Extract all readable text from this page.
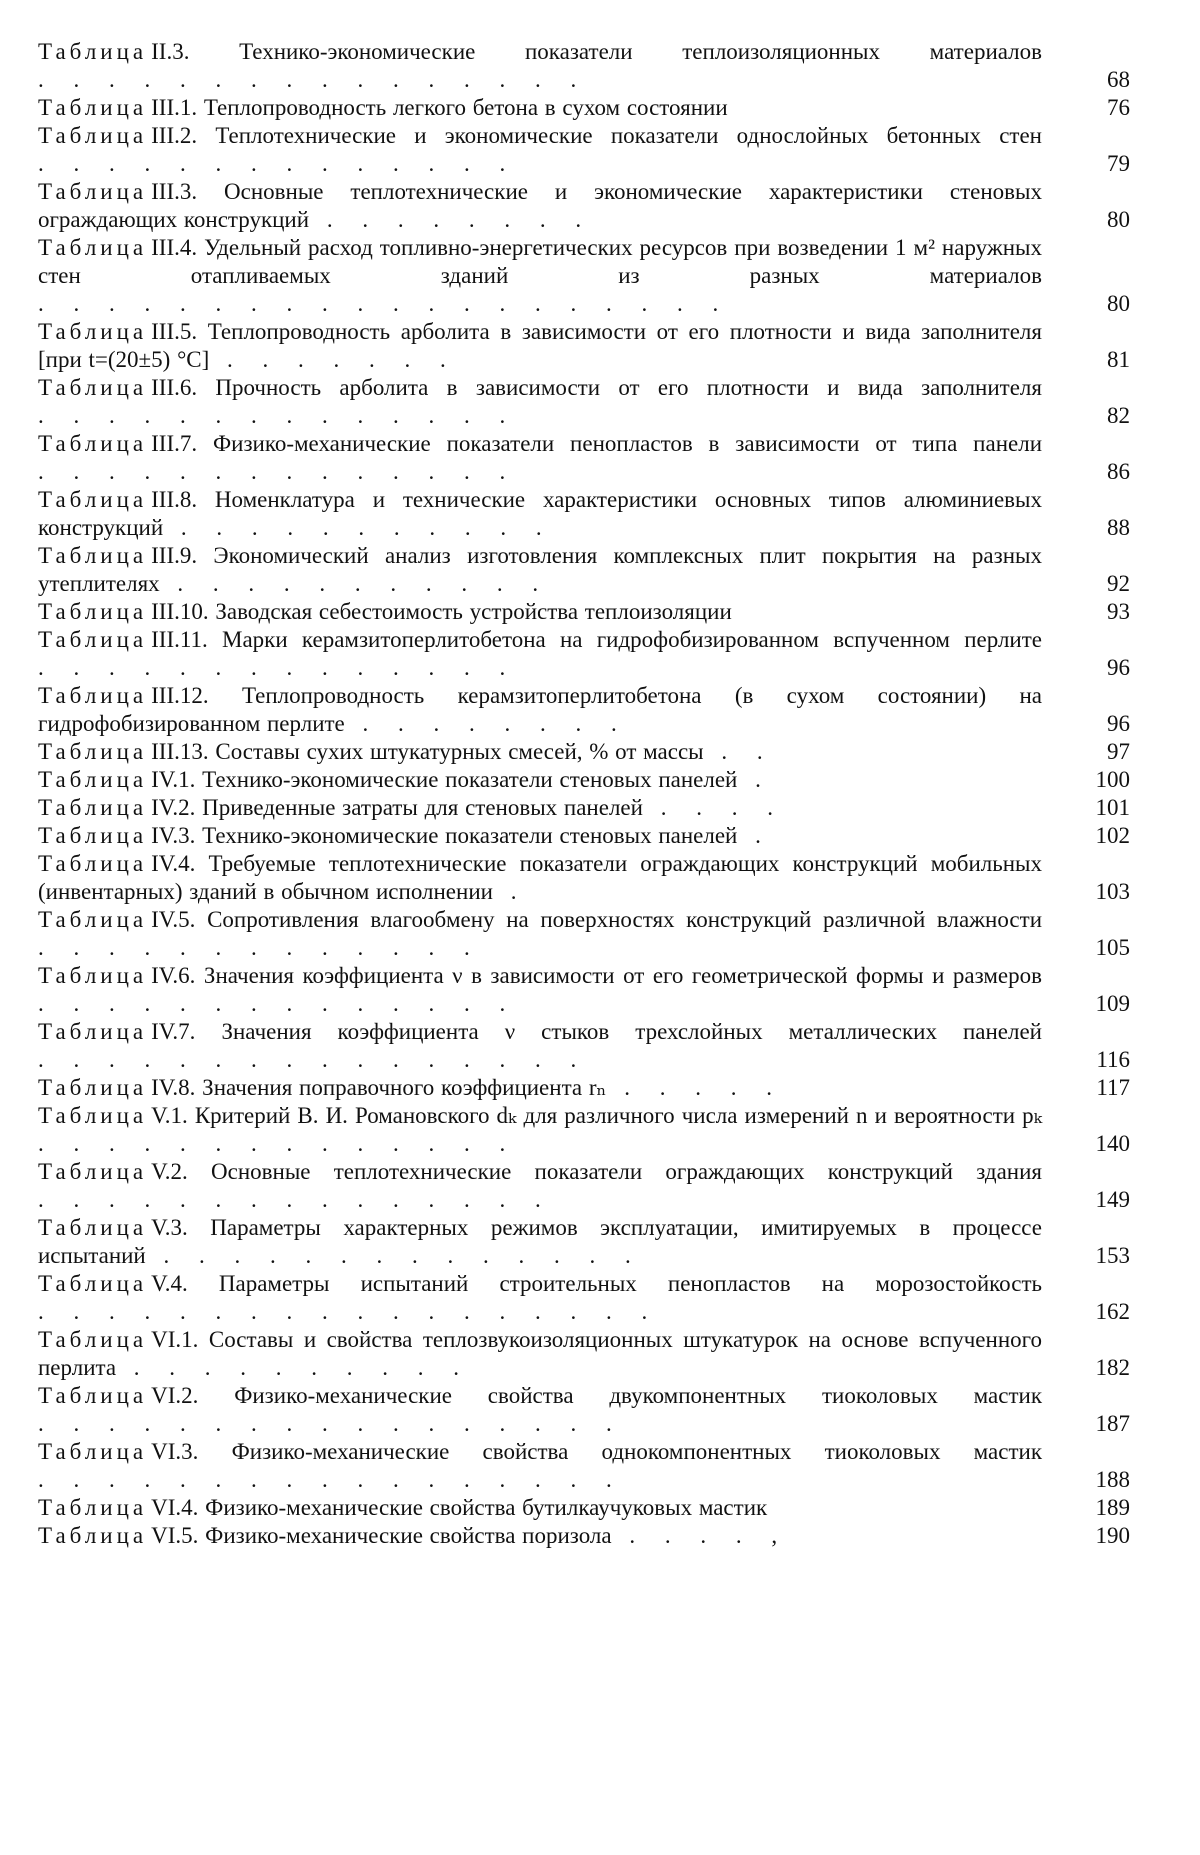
Таблица II.3. Технико-экономические показатели теплоизоляционных материалов . . . . . . . . . . . . . . . .	68
Таблица III.1. Теплопроводность легкого бетона в сухом состоянии	76
Таблица III.2. Теплотехнические и экономические показатели однослойных бетонных стен . . . . . . . . . . . . . .	79
Таблица III.3. Основные теплотехнические и экономические характеристики стеновых ограждающих конструкций . . . . . . . .	80
Таблица III.4. Удельный расход топливно-энергетических ресурсов при возведении 1 м² наружных стен отапливаемых зданий из разных материалов . . . . . . . . . . . . . . . . . . . .	80
Таблица III.5. Теплопроводность арболита в зависимости от его плотности и вида заполнителя [при t=(20±5) °C] . . . . . . .	81
Таблица III.6. Прочность арболита в зависимости от его плотности и вида заполнителя . . . . . . . . . . . . . .	82
Таблица III.7. Физико-механические показатели пенопластов в зависимости от типа панели . . . . . . . . . . . . . .	86
Таблица III.8. Номенклатура и технические характеристики основных типов алюминиевых конструкций . . . . . . . . . . .	88
Таблица III.9. Экономический анализ изготовления комплексных плит покрытия на разных утеплителях . . . . . . . . . . .	92
Таблица III.10. Заводская себестоимость устройства теплоизоляции	93
Таблица III.11. Марки керамзитоперлитобетона на гидрофобизированном вспученном перлите . . . . . . . . . . . . . .	96
Таблица III.12. Теплопроводность керамзитоперлитобетона (в сухом состоянии) на гидрофобизированном перлите . . . . . . . .	96
Таблица III.13. Составы сухих штукатурных смесей, % от массы . .	97
Таблица IV.1. Технико-экономические показатели стеновых панелей .	100
Таблица IV.2. Приведенные затраты для стеновых панелей . . . .	101
Таблица IV.3. Технико-экономические показатели стеновых панелей .	102
Таблица IV.4. Требуемые теплотехнические показатели ограждающих конструкций мобильных (инвентарных) зданий в обычном исполнении .	103
Таблица IV.5. Сопротивления влагообмену на поверхностях конструкций различной влажности . . . . . . . . . . . . .	105
Таблица IV.6. Значения коэффициента ν в зависимости от его геометрической формы и размеров . . . . . . . . . . . . . .	109
Таблица IV.7. Значения коэффициента ν стыков трехслойных металлических панелей . . . . . . . . . . . . . . . .	116
Таблица IV.8. Значения поправочного коэффициента rₙ . . . . .	117
Таблица V.1. Критерий В. И. Романовского dₖ для различного числа измерений n и вероятности pₖ . . . . . . . . . . . . . .	140
Таблица V.2. Основные теплотехнические показатели ограждающих конструкций здания . . . . . . . . . . . . . . .	149
Таблица V.3. Параметры характерных режимов эксплуатации, имитируемых в процессе испытаний . . . . . . . . . . . . . .	153
Таблица V.4. Параметры испытаний строительных пенопластов на морозостойкость . . . . . . . . . . . . . . . . . .	162
Таблица VI.1. Составы и свойства теплозвукоизоляционных штукатурок на основе вспученного перлита . . . . . . . . . .	182
Таблица VI.2. Физико-механические свойства двукомпонентных тиоколовых мастик . . . . . . . . . . . . . . . . .	187
Таблица VI.3. Физико-механические свойства однокомпонентных тиоколовых мастик . . . . . . . . . . . . . . . . .	188
Таблица VI.4. Физико-механические свойства бутилкаучуковых мастик	189
Таблица VI.5. Физико-механические свойства поризола . . . . ,	190
